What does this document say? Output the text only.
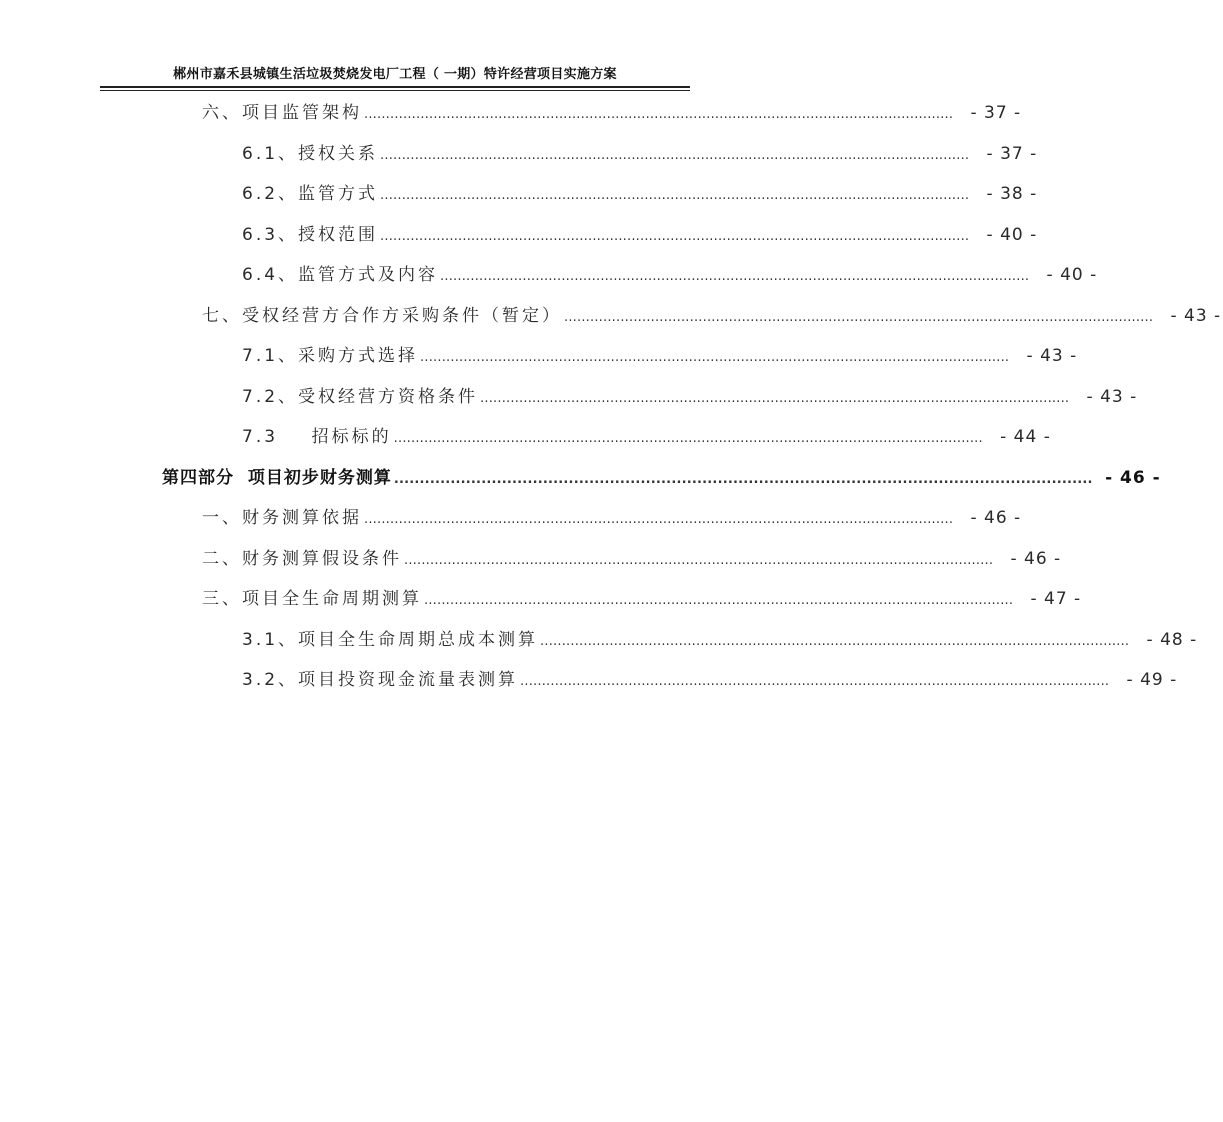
郴州市嘉禾县城镇生活垃圾焚烧发电厂工程（ 一期）特许经营项目实施方案
六、项目监管架构 ........................................................................................................................................	- 37 -
6.1、授权关系 ........................................................................................................................................	- 37 -
6.2、监管方式 ........................................................................................................................................	- 38 -
6.3、授权范围 ........................................................................................................................................	- 40 -
6.4、监管方式及内容 ........................................................................................................................................	- 40 -
七、受权经营方合作方采购条件（暂定） ........................................................................................................................................	- 43 -
7.1、采购方式选择 ........................................................................................................................................	- 43 -
7.2、受权经营方资格条件 ........................................................................................................................................	- 43 -
7.3    招标标的 ........................................................................................................................................	- 44 -
第四部分  项目初步财务测算 ........................................................................................................................................ - 46 -
一、财务测算依据 ........................................................................................................................................	- 46 -
二、财务测算假设条件 ........................................................................................................................................	- 46 -
三、项目全生命周期测算 ........................................................................................................................................	- 47 -
3.1、项目全生命周期总成本测算 ........................................................................................................................................	- 48 -
3.2、项目投资现金流量表测算 ........................................................................................................................................	- 49 -
